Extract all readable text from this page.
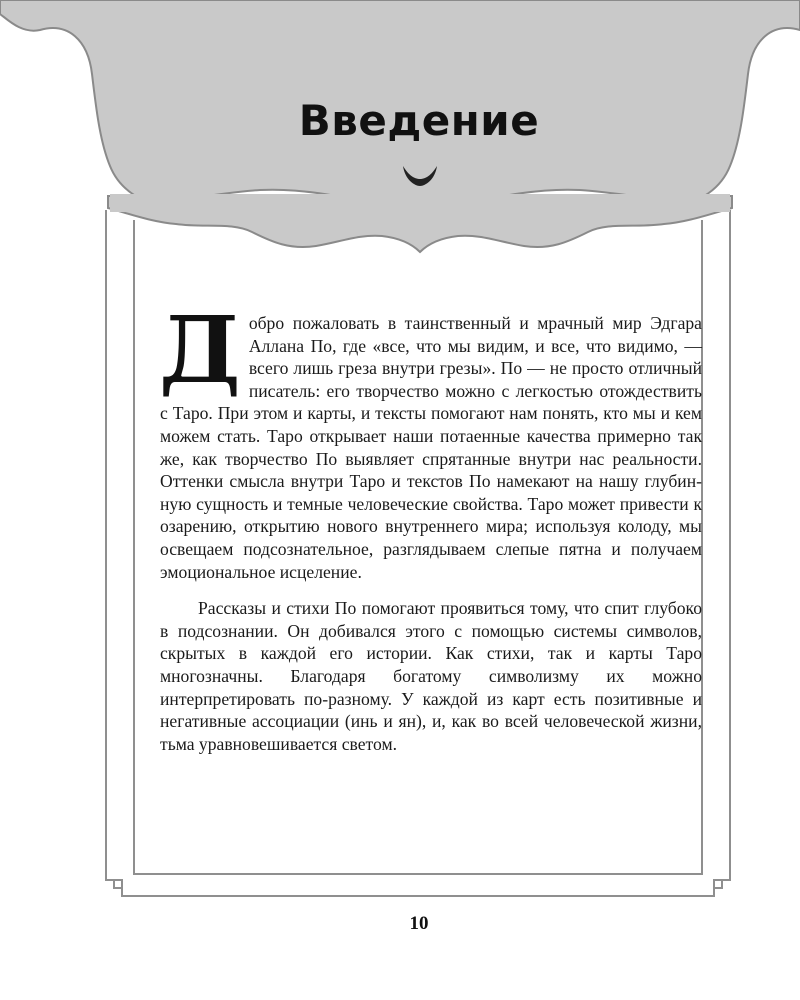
Введение

Добро пожаловать в таинственный и мрачный мир Эдгара Аллана По, где «все, что мы видим, и все, что видимо, — всего лишь греза внутри грезы». По — не просто отличный писатель: его творчество можно с легкостью отождествить с Таро. При этом и карты, и тексты помогают нам понять, кто мы и кем можем стать. Таро открывает наши потаенные качества примерно так же, как творчество По выявляет спрятанные внутри нас реальности. Оттенки смысла внутри Таро и текстов По намекают на нашу глубинную сущность и темные человеческие свойства. Таро может привести к озарению, открытию нового внутреннего мира; используя колоду, мы освещаем подсознательное, разглядываем слепые пятна и получаем эмоциональное исцеление.

Рассказы и стихи По помогают проявиться тому, что спит глубоко в подсознании. Он добивался этого с помощью системы символов, скрытых в каждой его истории. Как стихи, так и карты Таро многозначны. Благодаря богатому символизму их можно интерпретировать по-разному. У каждой из карт есть позитивные и негативные ассоциации (инь и ян), и, как во всей человеческой жизни, тьма уравновешивается светом.

10
